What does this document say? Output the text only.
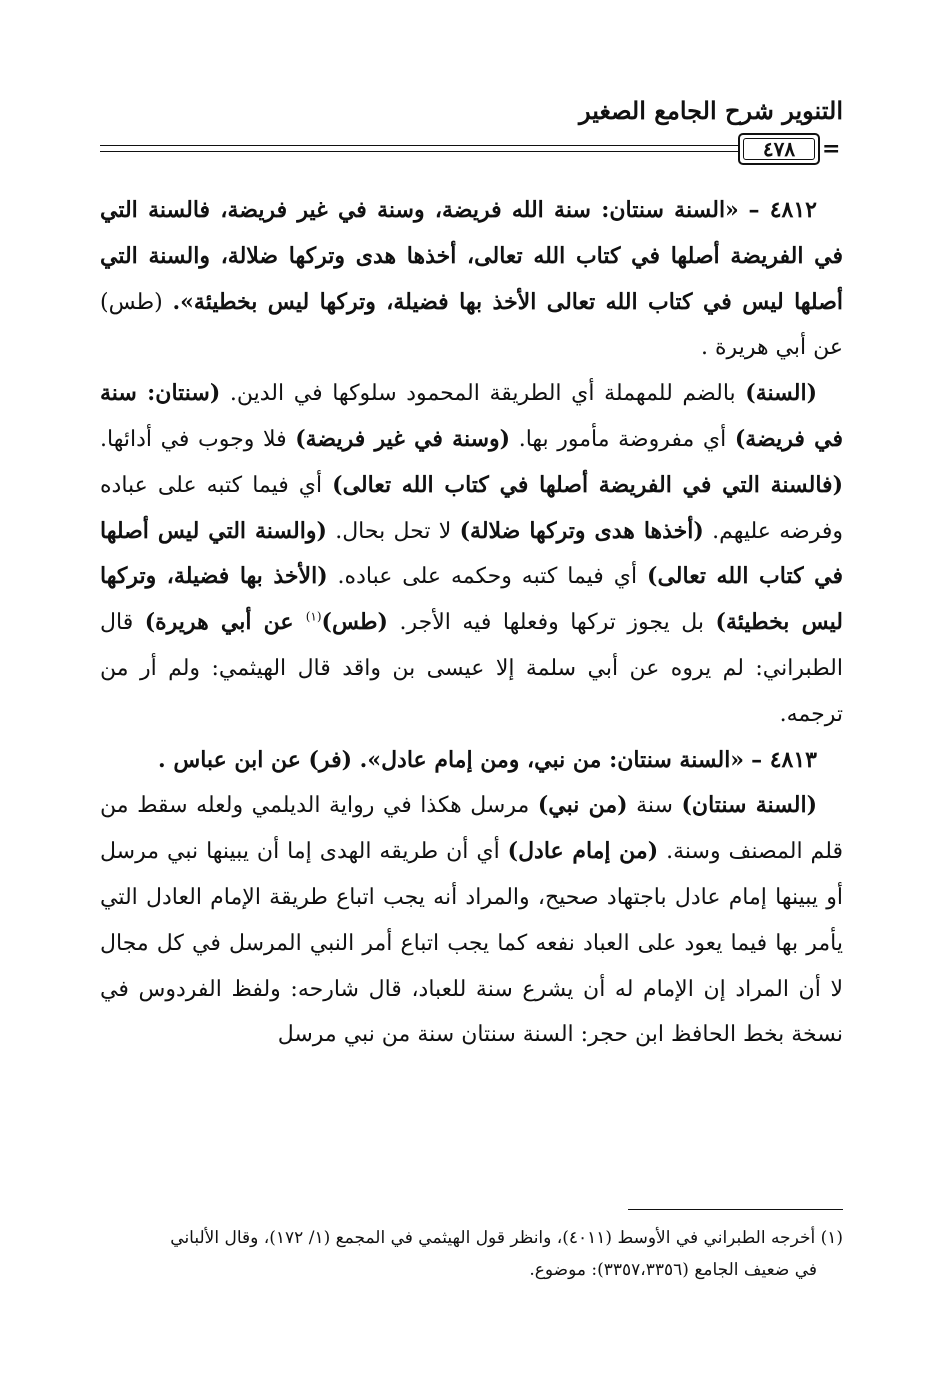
التنوير شرح الجامع الصغير
٤٧٨ =

٤٨١٢ – «السنة سنتان: سنة الله فريضة، وسنة في غير فريضة، فالسنة التي في الفريضة أصلها في كتاب الله تعالى، أخذها هدى وتركها ضلالة، والسنة التي أصلها ليس في كتاب الله تعالى الأخذ بها فضيلة، وتركها ليس بخطيئة». (طس) عن أبي هريرة .

(السنة) بالضم للمهملة أي الطريقة المحمود سلوكها في الدين. (سنتان: سنة في فريضة) أي مفروضة مأمور بها. (وسنة في غير فريضة) فلا وجوب في أدائها. (فالسنة التي في الفريضة أصلها في كتاب الله تعالى) أي فيما كتبه على عباده وفرضه عليهم. (أخذها هدى وتركها ضلالة) لا تحل بحال. (والسنة التي ليس أصلها في كتاب الله تعالى) أي فيما كتبه وحكمه على عباده. (الأخذ بها فضيلة، وتركها ليس بخطيئة) بل يجوز تركها وفعلها فيه الأجر. (طس)$^{(١)}$ عن أبي هريرة) قال الطبراني: لم يروه عن أبي سلمة إلا عيسى بن واقد قال الهيثمي: ولم أر من ترجمه.

٤٨١٣ – «السنة سنتان: من نبي، ومن إمام عادل». (فر) عن ابن عباس .

(السنة سنتان) سنة (من نبي) مرسل هكذا في رواية الديلمي ولعله سقط من قلم المصنف وسنة. (من إمام عادل) أي أن طريقه الهدى إما أن يبينها نبي مرسل أو يبينها إمام عادل باجتهاد صحيح، والمراد أنه يجب اتباع طريقة الإمام العادل التي يأمر بها فيما يعود على العباد نفعه كما يجب اتباع أمر النبي المرسل في كل مجال لا أن المراد إن الإمام له أن يشرع سنة للعباد، قال شارحه: ولفظ الفردوس في نسخة بخط الحافظ ابن حجر: السنة سنتان سنة من نبي مرسل

(١) أخرجه الطبراني في الأوسط (٤٠١١)، وانظر قول الهيثمي في المجمع (١/ ١٧٢)، وقال الألباني

في ضعيف الجامع (٣٣٥٧،٣٣٥٦): موضوع.
